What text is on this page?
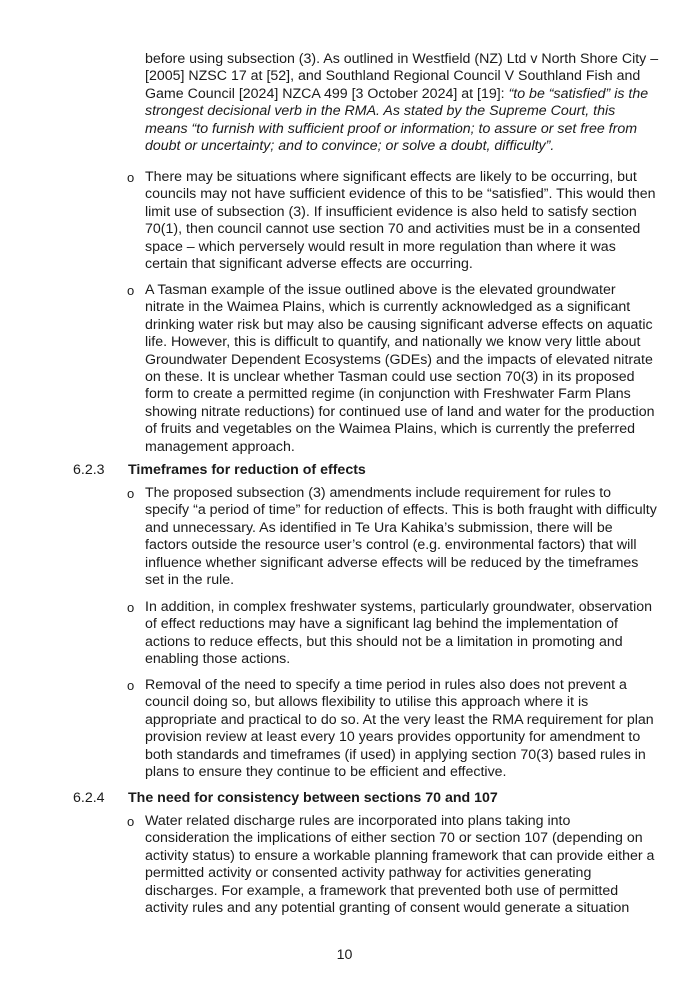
before using subsection (3). As outlined in Westfield (NZ) Ltd v North Shore City – [2005] NZSC 17 at [52], and Southland Regional Council V Southland Fish and Game Council [2024] NZCA 499 [3 October 2024] at [19]: “to be “satisfied” is the strongest decisional verb in the RMA. As stated by the Supreme Court, this means “to furnish with sufficient proof or information; to assure or set free from doubt or uncertainty; and to convince; or solve a doubt, difficulty”.

o There may be situations where significant effects are likely to be occurring, but councils may not have sufficient evidence of this to be “satisfied”. This would then limit use of subsection (3). If insufficient evidence is also held to satisfy section 70(1), then council cannot use section 70 and activities must be in a consented space – which perversely would result in more regulation than where it was certain that significant adverse effects are occurring.

o A Tasman example of the issue outlined above is the elevated groundwater nitrate in the Waimea Plains, which is currently acknowledged as a significant drinking water risk but may also be causing significant adverse effects on aquatic life. However, this is difficult to quantify, and nationally we know very little about Groundwater Dependent Ecosystems (GDEs) and the impacts of elevated nitrate on these. It is unclear whether Tasman could use section 70(3) in its proposed form to create a permitted regime (in conjunction with Freshwater Farm Plans showing nitrate reductions) for continued use of land and water for the production of fruits and vegetables on the Waimea Plains, which is currently the preferred management approach.

6.2.3 Timeframes for reduction of effects
o The proposed subsection (3) amendments include requirement for rules to specify “a period of time” for reduction of effects. This is both fraught with difficulty and unnecessary. As identified in Te Ura Kahika’s submission, there will be factors outside the resource user’s control (e.g. environmental factors) that will influence whether significant adverse effects will be reduced by the timeframes set in the rule.

o In addition, in complex freshwater systems, particularly groundwater, observation of effect reductions may have a significant lag behind the implementation of actions to reduce effects, but this should not be a limitation in promoting and enabling those actions.

o Removal of the need to specify a time period in rules also does not prevent a council doing so, but allows flexibility to utilise this approach where it is appropriate and practical to do so. At the very least the RMA requirement for plan provision review at least every 10 years provides opportunity for amendment to both standards and timeframes (if used) in applying section 70(3) based rules in plans to ensure they continue to be efficient and effective.

6.2.4 The need for consistency between sections 70 and 107
o Water related discharge rules are incorporated into plans taking into consideration the implications of either section 70 or section 107 (depending on activity status) to ensure a workable planning framework that can provide either a permitted activity or consented activity pathway for activities generating discharges. For example, a framework that prevented both use of permitted activity rules and any potential granting of consent would generate a situation

10
